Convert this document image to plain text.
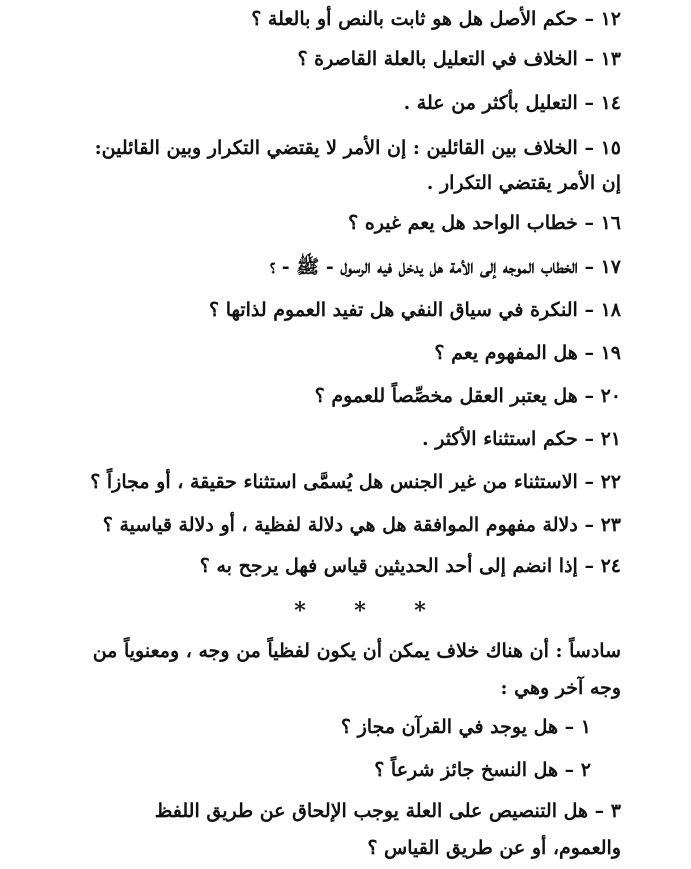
١٢ – حكم الأصل هل هو ثابت بالنص أو بالعلة ؟
١٣ – الخلاف في التعليل بالعلة القاصرة ؟
١٤ – التعليل بأكثر من علة .
١٥ – الخلاف بين القائلين : إن الأمر لا يقتضي التكرار وبين القائلين:
إن الأمر يقتضي التكرار .
١٦ – خطاب الواحد هل يعم غيره ؟
١٧ – الخطاب الموجه إلى الأمة هل يدخل فيه الرسول - ﷺ - ؟
١٨ – النكرة في سياق النفي هل تفيد العموم لذاتها ؟
١٩ – هل المفهوم يعم ؟
٢٠ – هل يعتبر العقل مخصِّصاً للعموم ؟
٢١ – حكم استثناء الأكثر .
٢٢ – الاستثناء من غير الجنس هل يُسمَّى استثناء حقيقة ، أو مجازاً ؟
٢٣ – دلالة مفهوم الموافقة هل هي دلالة لفظية ، أو دلالة قياسية ؟
٢٤ – إذا انضم إلى أحد الحديثين قياس فهل يرجح به ؟
* * *
سادساً : أن هناك خلاف يمكن أن يكون لفظياً من وجه ، ومعنوياً من
وجه آخر وهي :
١ – هل يوجد في القرآن مجاز ؟
٢ – هل النسخ جائز شرعاً ؟
٣ – هل التنصيص على العلة يوجب الإلحاق عن طريق اللفظ
والعموم، أو عن طريق القياس ؟
